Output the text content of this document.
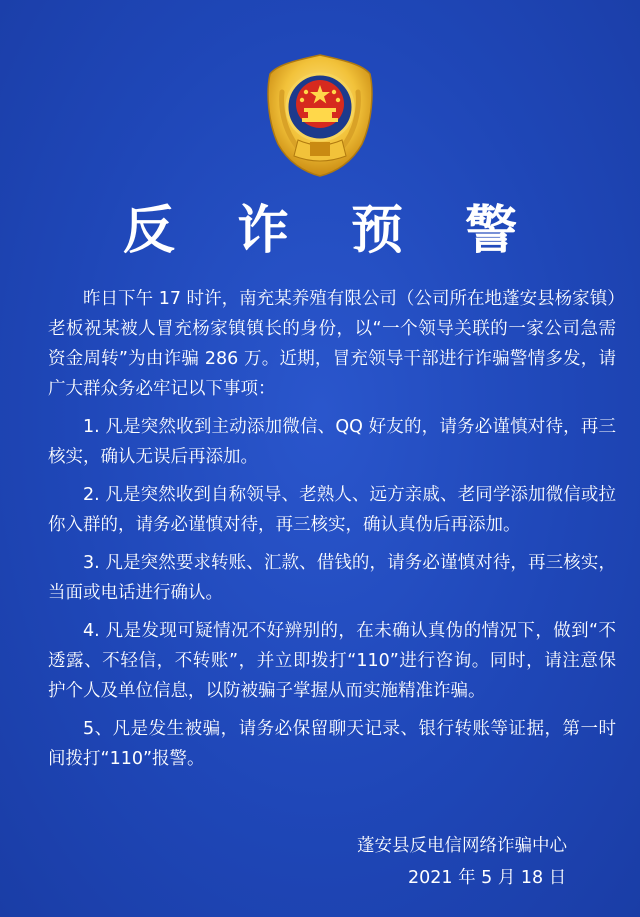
反 诈 预 警

昨日下午 17 时许，南充某养殖有限公司（公司所在地蓬安县杨家镇）老板祝某被人冒充杨家镇镇长的身份，以“一个领导关联的一家公司急需资金周转”为由诈骗 286 万。近期，冒充领导干部进行诈骗警情多发，请广大群众务必牢记以下事项：

1. 凡是突然收到主动添加微信、QQ 好友的，请务必谨慎对待，再三核实，确认无误后再添加。

2. 凡是突然收到自称领导、老熟人、远方亲戚、老同学添加微信或拉你入群的，请务必谨慎对待，再三核实，确认真伪后再添加。

3. 凡是突然要求转账、汇款、借钱的，请务必谨慎对待，再三核实，当面或电话进行确认。

4. 凡是发现可疑情况不好辨别的，在未确认真伪的情况下，做到“不透露、不轻信，不转账”，并立即拨打“110”进行咨询。同时，请注意保护个人及单位信息，以防被骗子掌握从而实施精准诈骗。

5、凡是发生被骗，请务必保留聊天记录、银行转账等证据，第一时间拨打“110”报警。

蓬安县反电信网络诈骗中心
2021 年 5 月 18 日
